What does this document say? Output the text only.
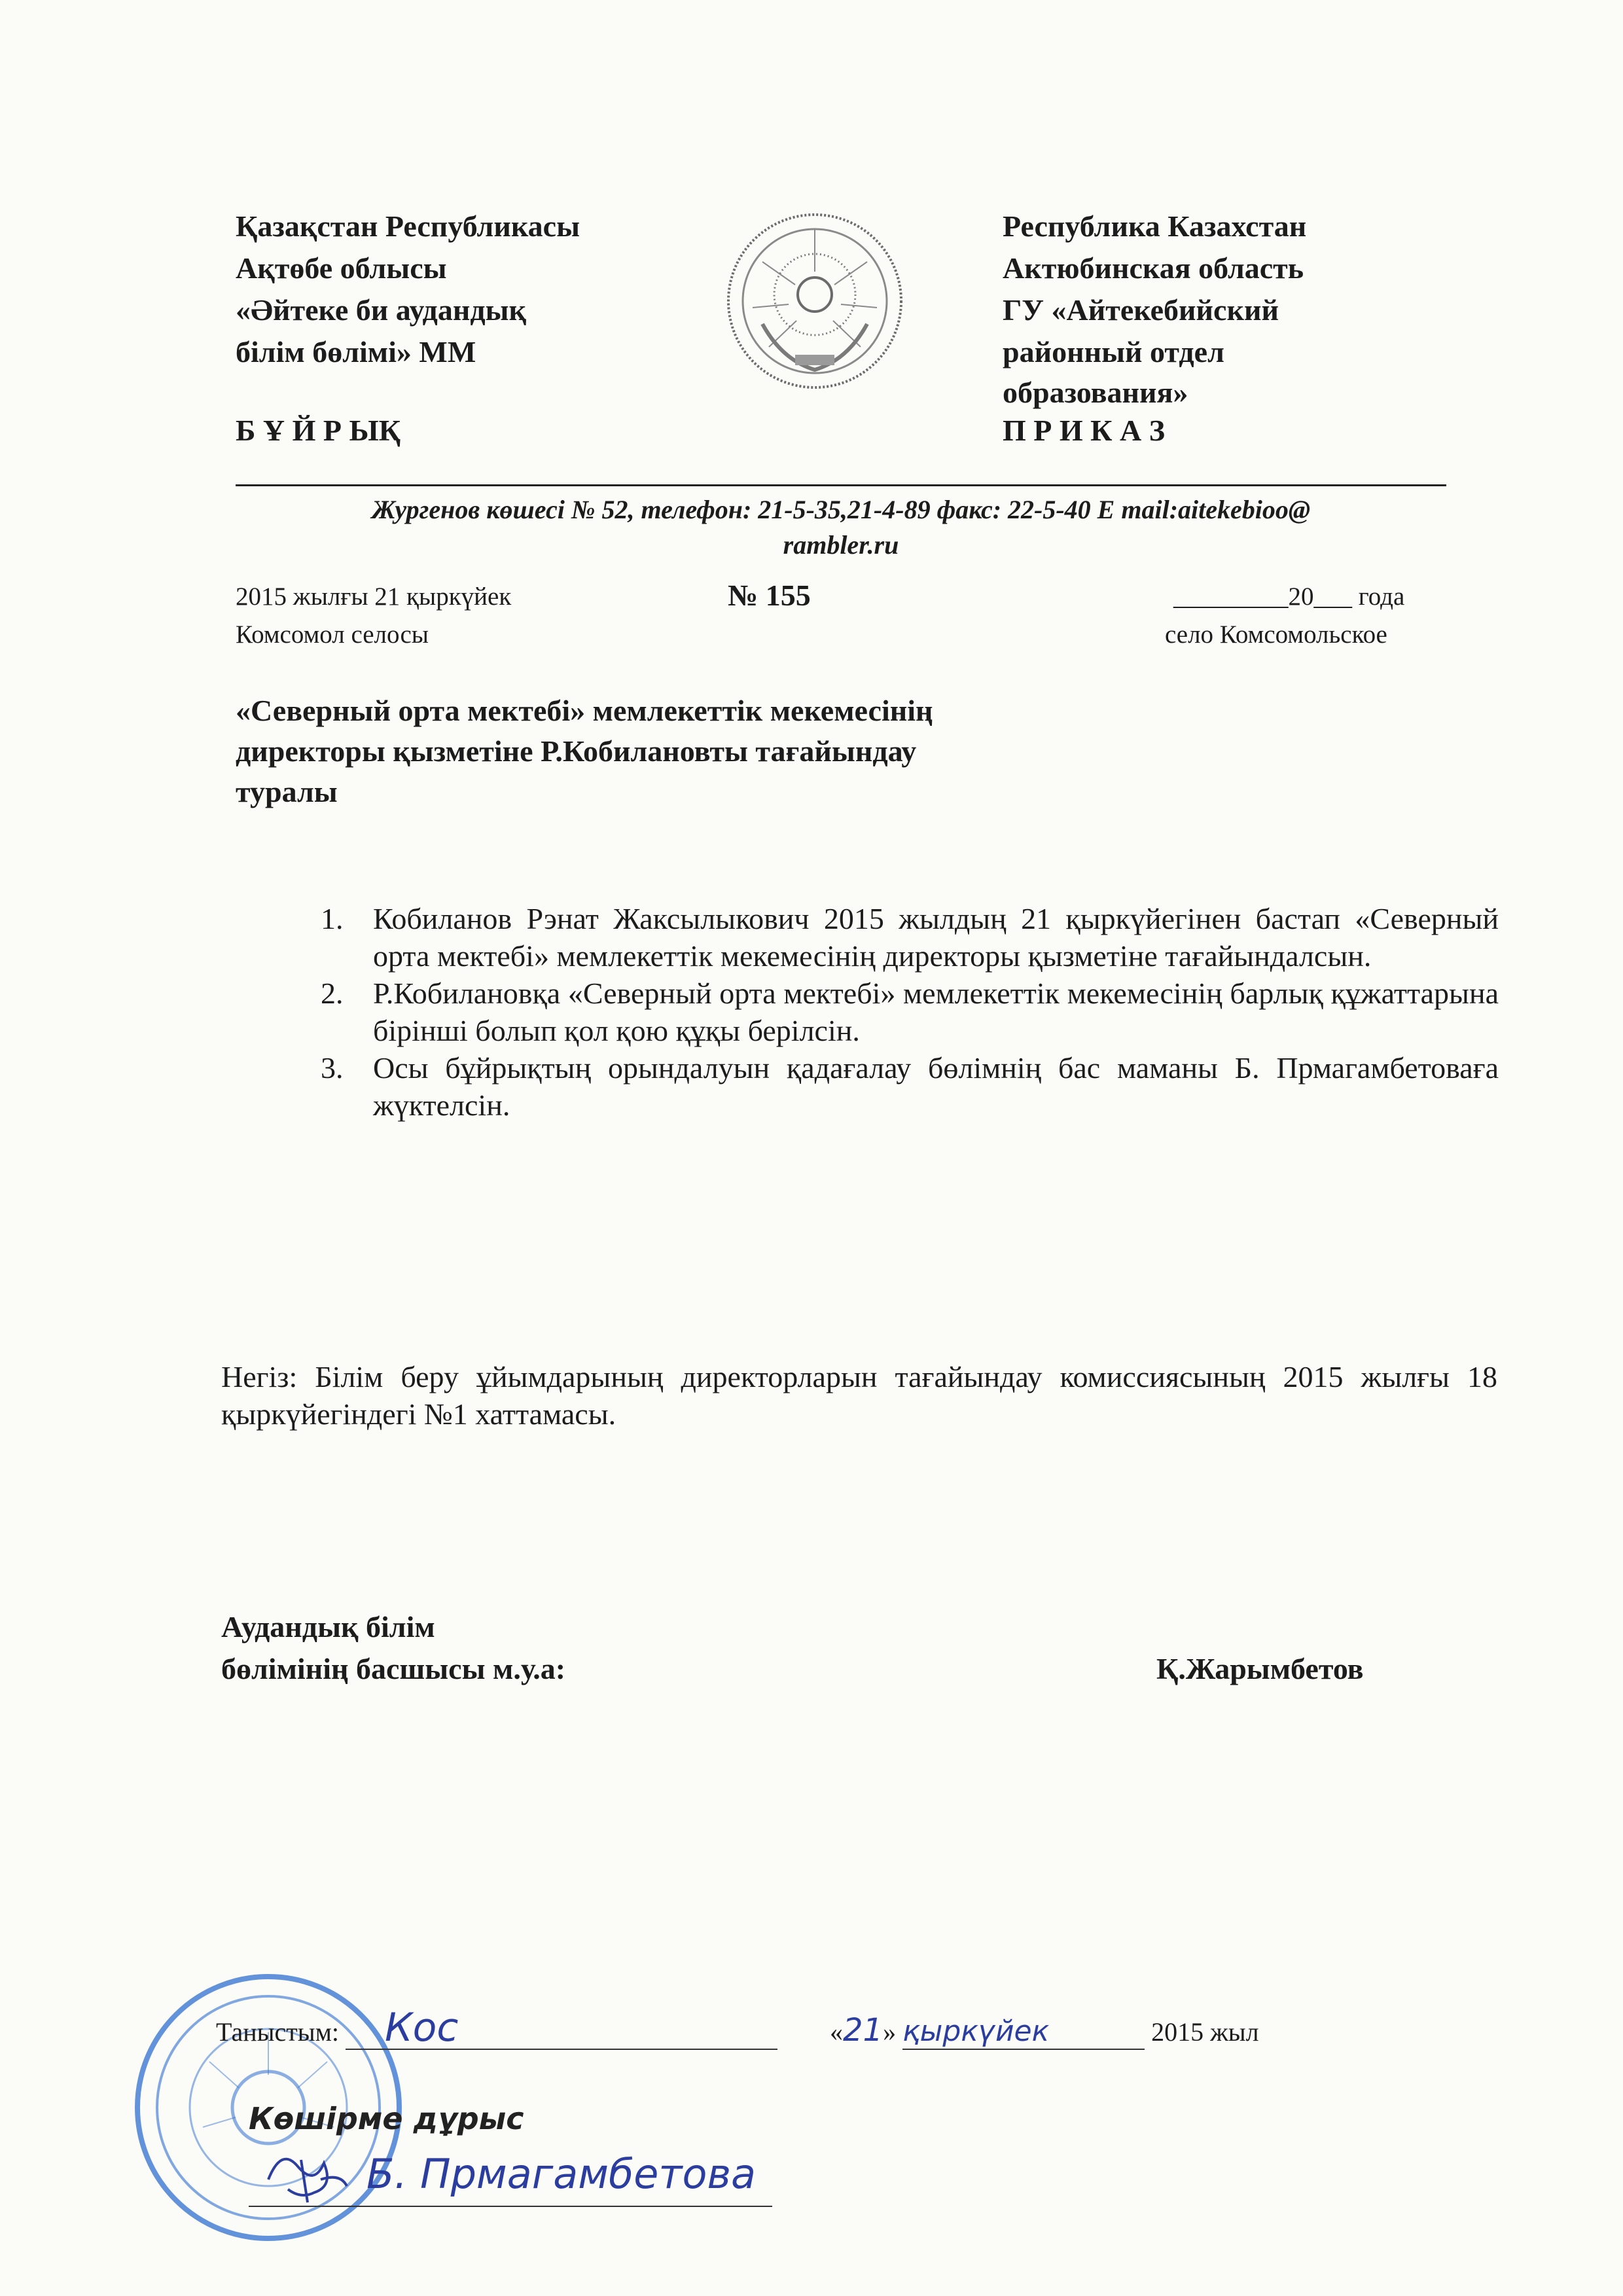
Қазақстан Республикасы
Ақтөбе облысы
«Әйтеке би аудандық
білім бөлімі» ММ
Б Ұ Й Р ЫҚ
Республика Казахстан
Актюбинская область
ГУ «Айтекебийский
районный отдел
образования»
П Р И К А З
Жургенов көшесі № 52, телефон: 21-5-35,21-4-89 факс: 22-5-40 E mail:aitekebioo@
rambler.ru
2015 жылғы 21 қыркүйек
Комсомол селосы
№ 155	_________20___ года
село Комсомольское
«Северный орта мектебі» мемлекеттік мекемесінің
директоры қызметіне Р.Кобилановты тағайындау
туралы
1. Кобиланов Рэнат Жаксылыкович 2015 жылдың 21 қыркүйегінен бастап «Северный орта мектебі» мемлекеттік мекемесінің директоры қызметіне тағайындалсын.
2. Р.Кобилановқа «Северный орта мектебі» мемлекеттік мекемесінің барлық құжаттарына бірінші болып қол қою құқы берілсін.
3. Осы бұйрықтың орындалуын қадағалау бөлімнің бас маманы Б. Прмагамбетоваға жүктелсін.
Негіз: Білім беру ұйымдарының директорларын тағайындау комиссиясының 2015 жылғы 18 қыркүйегіндегі №1 хаттамасы.
Аудандық білім
бөлімінің басшысы м.у.а:	Қ.Жарымбетов
Таныстым: Кос	«21» қыркүйек	2015 жыл
Көшірме дұрыс
Б. Прмагамбетова
